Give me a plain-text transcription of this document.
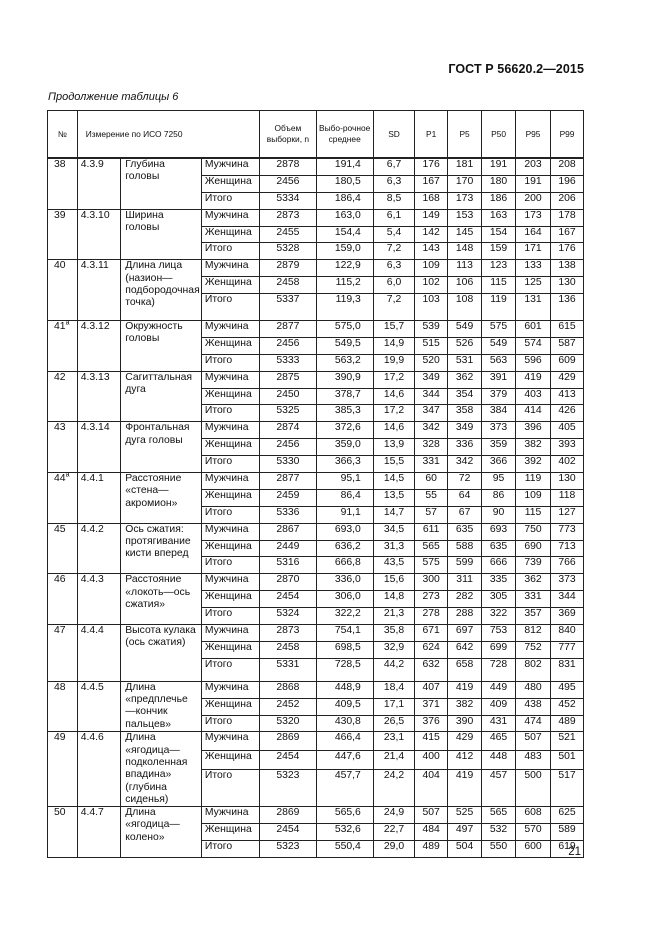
ГОСТ Р 56620.2—2015
Продолжение таблицы 6
№	Измерение по ИСО 7250			Объем выборки, n	Выбо-рочное среднее	SD	P1	P5	P50	P95	P99
38	4.3.9	Глубина головы	Мужчина	2878	191,4	6,7	176	181	191	203	208
			Женщина	2456	180,5	6,3	167	170	180	191	196
			Итого	5334	186,4	8,5	168	173	186	200	206
39	4.3.10	Ширина головы	Мужчина	2873	163,0	6,1	149	153	163	173	178
			Женщина	2455	154,4	5,4	142	145	154	164	167
			Итого	5328	159,0	7,2	143	148	159	171	176
40	4.3.11	Длина лица (назион—подбородочная точка)	Мужчина	2879	122,9	6,3	109	113	123	133	138
			Женщина	2458	115,2	6,0	102	106	115	125	130
			Итого	5337	119,3	7,2	103	108	119	131	136
41$^a$	4.3.12	Окружность головы	Мужчина	2877	575,0	15,7	539	549	575	601	615
			Женщина	2456	549,5	14,9	515	526	549	574	587
			Итого	5333	563,2	19,9	520	531	563	596	609
42	4.3.13	Сагиттальная дуга	Мужчина	2875	390,9	17,2	349	362	391	419	429
			Женщина	2450	378,7	14,6	344	354	379	403	413
			Итого	5325	385,3	17,2	347	358	384	414	426
43	4.3.14	Фронтальная дуга головы	Мужчина	2874	372,6	14,6	342	349	373	396	405
			Женщина	2456	359,0	13,9	328	336	359	382	393
			Итого	5330	366,3	15,5	331	342	366	392	402
44$^a$	4.4.1	Расстояние «стена—акромион»	Мужчина	2877	95,1	14,5	60	72	95	119	130
			Женщина	2459	86,4	13,5	55	64	86	109	118
			Итого	5336	91,1	14,7	57	67	90	115	127
45	4.4.2	Ось сжатия: протягивание кисти вперед	Мужчина	2867	693,0	34,5	611	635	693	750	773
			Женщина	2449	636,2	31,3	565	588	635	690	713
			Итого	5316	666,8	43,5	575	599	666	739	766
46	4.4.3	Расстояние «локоть—ось сжатия»	Мужчина	2870	336,0	15,6	300	311	335	362	373
			Женщина	2454	306,0	14,8	273	282	305	331	344
			Итого	5324	322,2	21,3	278	288	322	357	369
47	4.4.4	Высота кулака (ось сжатия)	Мужчина	2873	754,1	35,8	671	697	753	812	840
			Женщина	2458	698,5	32,9	624	642	699	752	777
			Итого	5331	728,5	44,2	632	658	728	802	831
48	4.4.5	Длина «предплечье—кончик пальцев»	Мужчина	2868	448,9	18,4	407	419	449	480	495
			Женщина	2452	409,5	17,1	371	382	409	438	452
			Итого	5320	430,8	26,5	376	390	431	474	489
49	4.4.6	Длина «ягодица—подколенная впадина» (глубина сиденья)	Мужчина	2869	466,4	23,1	415	429	465	507	521
			Женщина	2454	447,6	21,4	400	412	448	483	501
			Итого	5323	457,7	24,2	404	419	457	500	517
50	4.4.7	Длина «ягодица—колено»	Мужчина	2869	565,6	24,9	507	525	565	608	625
			Женщина	2454	532,6	22,7	484	497	532	570	589
			Итого	5323	550,4	29,0	489	504	550	600	619
21
